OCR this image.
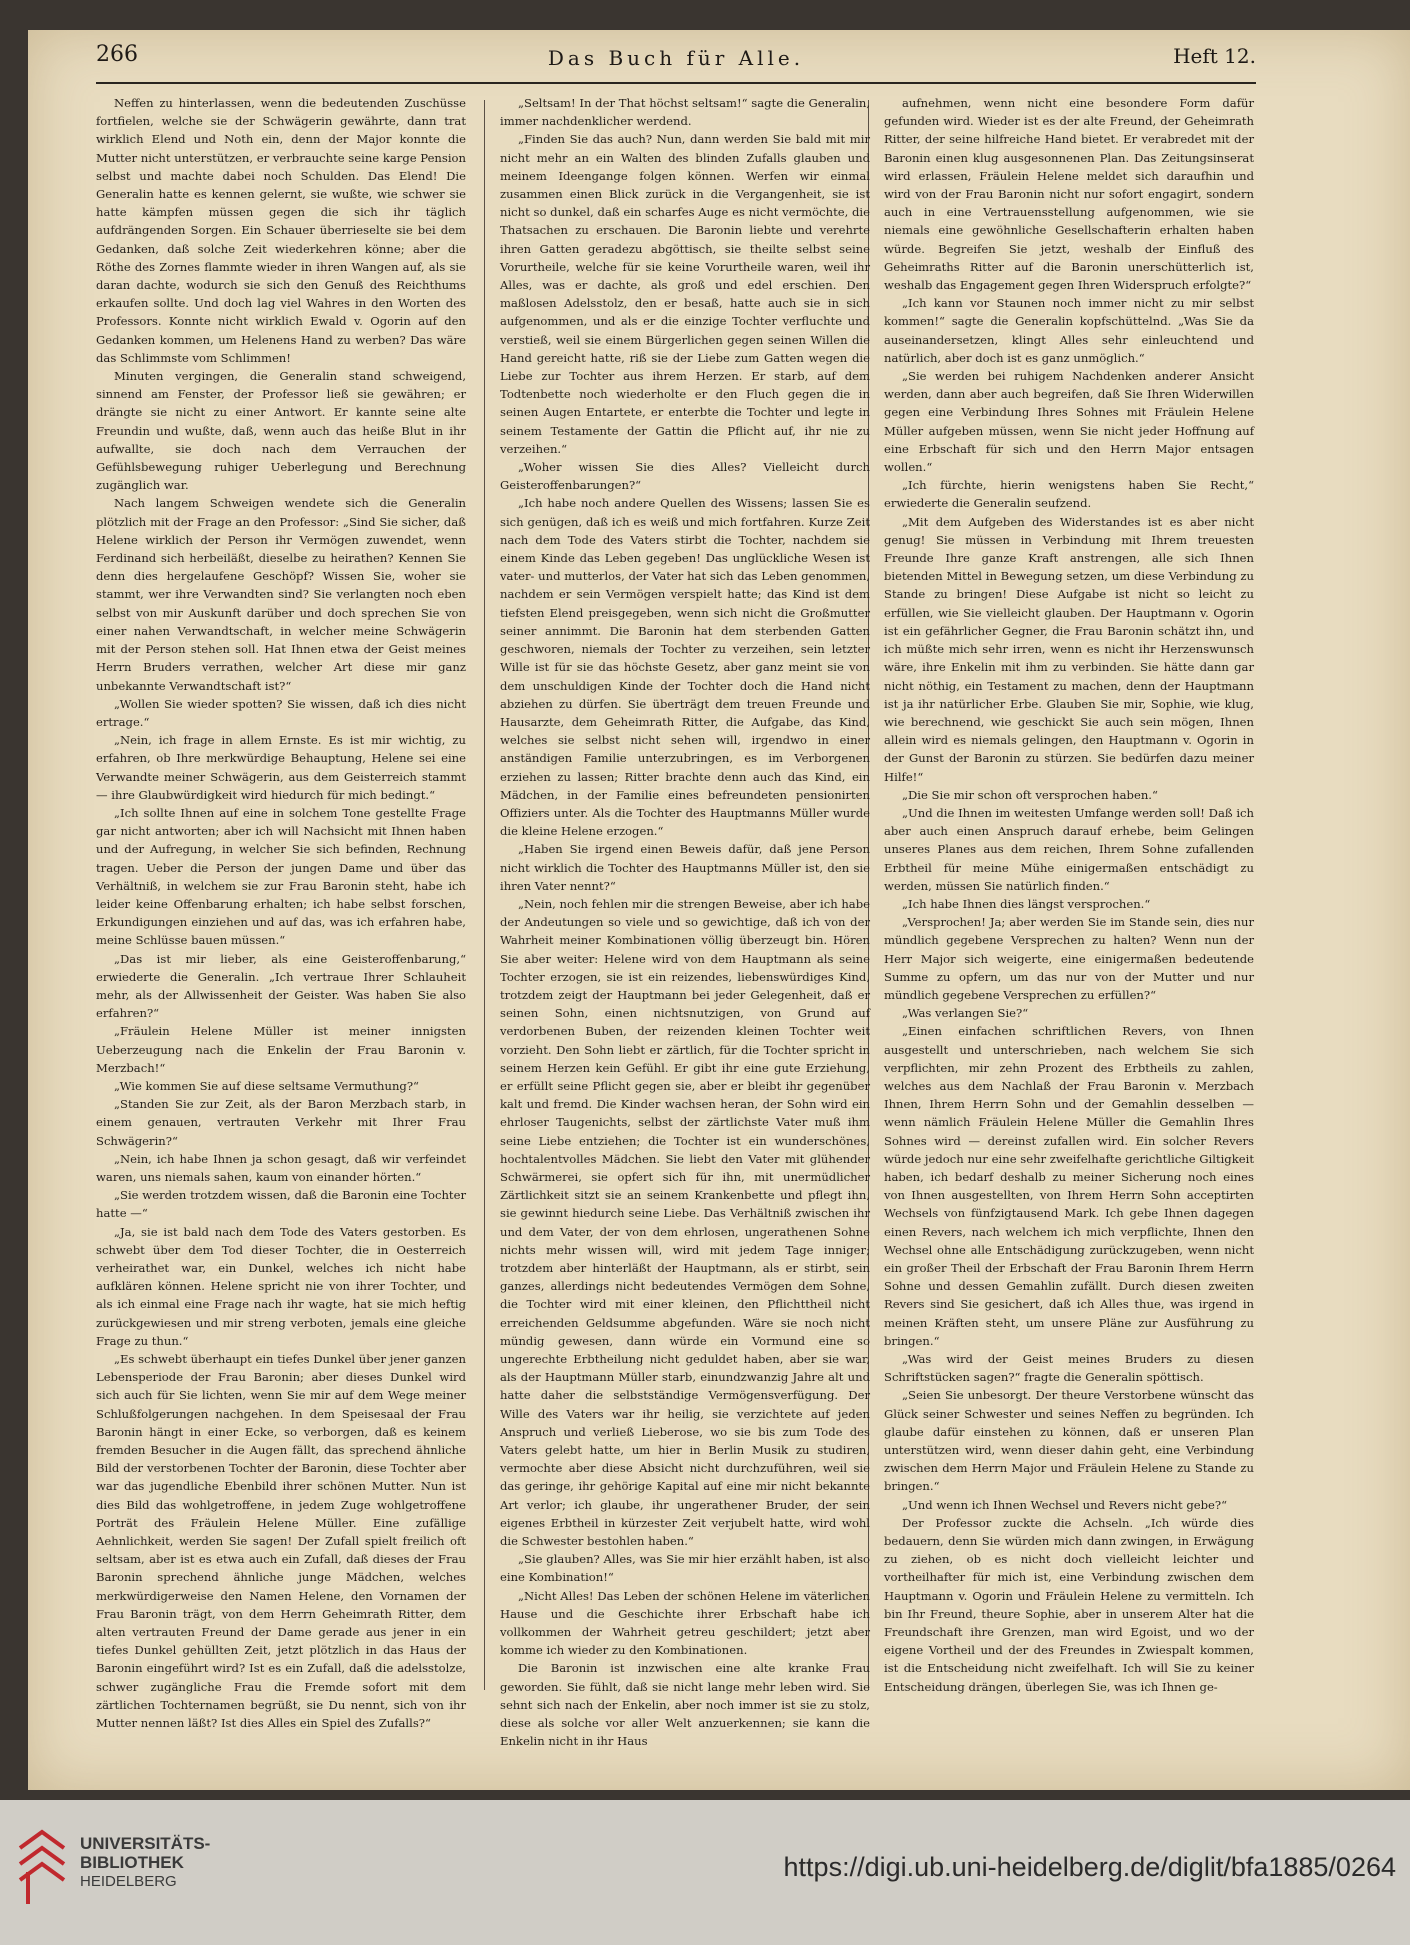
266	Das Buch für Alle.	Heft 12.

Neffen zu hinterlassen, wenn die bedeutenden Zuschüsse fortfielen, welche sie der Schwägerin gewährte, dann trat wirklich Elend und Noth ein, denn der Major konnte die Mutter nicht unterstützen, er verbrauchte seine karge Pension selbst und machte dabei noch Schulden. Das Elend! Die Generalin hatte es kennen gelernt, sie wußte, wie schwer sie hatte kämpfen müssen gegen die sich ihr täglich aufdrängenden Sorgen. Ein Schauer überrieselte sie bei dem Gedanken, daß solche Zeit wiederkehren könne; aber die Röthe des Zornes flammte wieder in ihren Wangen auf, als sie daran dachte, wodurch sie sich den Genuß des Reichthums erkaufen sollte. Und doch lag viel Wahres in den Worten des Professors. Konnte nicht wirklich Ewald v. Ogorin auf den Gedanken kommen, um Helenens Hand zu werben? Das wäre das Schlimmste vom Schlimmen!

Minuten vergingen, die Generalin stand schweigend, sinnend am Fenster, der Professor ließ sie gewähren; er drängte sie nicht zu einer Antwort. Er kannte seine alte Freundin und wußte, daß, wenn auch das heiße Blut in ihr aufwallte, sie doch nach dem Verrauchen der Gefühlsbewegung ruhiger Ueberlegung und Berechnung zugänglich war.

Nach langem Schweigen wendete sich die Generalin plötzlich mit der Frage an den Professor: „Sind Sie sicher, daß Helene wirklich der Person ihr Vermögen zuwendet, wenn Ferdinand sich herbeiläßt, dieselbe zu heirathen? Kennen Sie denn dies hergelaufene Geschöpf? Wissen Sie, woher sie stammt, wer ihre Verwandten sind? Sie verlangten noch eben selbst von mir Auskunft darüber und doch sprechen Sie von einer nahen Verwandtschaft, in welcher meine Schwägerin mit der Person stehen soll. Hat Ihnen etwa der Geist meines Herrn Bruders verrathen, welcher Art diese mir ganz unbekannte Verwandtschaft ist?“

„Wollen Sie wieder spotten? Sie wissen, daß ich dies nicht ertrage.“

„Nein, ich frage in allem Ernste. Es ist mir wichtig, zu erfahren, ob Ihre merkwürdige Behauptung, Helene sei eine Verwandte meiner Schwägerin, aus dem Geisterreich stammt — ihre Glaubwürdigkeit wird hiedurch für mich bedingt.“

„Ich sollte Ihnen auf eine in solchem Tone gestellte Frage gar nicht antworten; aber ich will Nachsicht mit Ihnen haben und der Aufregung, in welcher Sie sich befinden, Rechnung tragen. Ueber die Person der jungen Dame und über das Verhältniß, in welchem sie zur Frau Baronin steht, habe ich leider keine Offenbarung erhalten; ich habe selbst forschen, Erkundigungen einziehen und auf das, was ich erfahren habe, meine Schlüsse bauen müssen.“

„Das ist mir lieber, als eine Geisteroffenbarung,“ erwiederte die Generalin. „Ich vertraue Ihrer Schlauheit mehr, als der Allwissenheit der Geister. Was haben Sie also erfahren?“

„Fräulein Helene Müller ist meiner innigsten Ueberzeugung nach die Enkelin der Frau Baronin v. Merzbach!“

„Wie kommen Sie auf diese seltsame Vermuthung?“

„Standen Sie zur Zeit, als der Baron Merzbach starb, in einem genauen, vertrauten Verkehr mit Ihrer Frau Schwägerin?“

„Nein, ich habe Ihnen ja schon gesagt, daß wir verfeindet waren, uns niemals sahen, kaum von einander hörten.“

„Sie werden trotzdem wissen, daß die Baronin eine Tochter hatte —“

„Ja, sie ist bald nach dem Tode des Vaters gestorben. Es schwebt über dem Tod dieser Tochter, die in Oesterreich verheirathet war, ein Dunkel, welches ich nicht habe aufklären können. Helene spricht nie von ihrer Tochter, und als ich einmal eine Frage nach ihr wagte, hat sie mich heftig zurückgewiesen und mir streng verboten, jemals eine gleiche Frage zu thun.“

„Es schwebt überhaupt ein tiefes Dunkel über jener ganzen Lebensperiode der Frau Baronin; aber dieses Dunkel wird sich auch für Sie lichten, wenn Sie mir auf dem Wege meiner Schlußfolgerungen nachgehen. In dem Speisesaal der Frau Baronin hängt in einer Ecke, so verborgen, daß es keinem fremden Besucher in die Augen fällt, das sprechend ähnliche Bild der verstorbenen Tochter der Baronin, diese Tochter aber war das jugendliche Ebenbild ihrer schönen Mutter. Nun ist dies Bild das wohlgetroffene, in jedem Zuge wohlgetroffene Porträt des Fräulein Helene Müller. Eine zufällige Aehnlichkeit, werden Sie sagen! Der Zufall spielt freilich oft seltsam, aber ist es etwa auch ein Zufall, daß dieses der Frau Baronin sprechend ähnliche junge Mädchen, welches merkwürdigerweise den Namen Helene, den Vornamen der Frau Baronin trägt, von dem Herrn Geheimrath Ritter, dem alten vertrauten Freund der Dame gerade aus jener in ein tiefes Dunkel gehüllten Zeit, jetzt plötzlich in das Haus der Baronin eingeführt wird? Ist es ein Zufall, daß die adelsstolze, schwer zugängliche Frau die Fremde sofort mit dem zärtlichen Tochternamen begrüßt, sie Du nennt, sich von ihr Mutter nennen läßt? Ist dies Alles ein Spiel des Zufalls?“

„Seltsam! In der That höchst seltsam!“ sagte die Generalin, immer nachdenklicher werdend.

„Finden Sie das auch? Nun, dann werden Sie bald mit mir nicht mehr an ein Walten des blinden Zufalls glauben und meinem Ideengange folgen können. Werfen wir einmal zusammen einen Blick zurück in die Vergangenheit, sie ist nicht so dunkel, daß ein scharfes Auge es nicht vermöchte, die Thatsachen zu erschauen. Die Baronin liebte und verehrte ihren Gatten geradezu abgöttisch, sie theilte selbst seine Vorurtheile, welche für sie keine Vorurtheile waren, weil ihr Alles, was er dachte, als groß und edel erschien. Den maßlosen Adelsstolz, den er besaß, hatte auch sie in sich aufgenommen, und als er die einzige Tochter verfluchte und verstieß, weil sie einem Bürgerlichen gegen seinen Willen die Hand gereicht hatte, riß sie der Liebe zum Gatten wegen die Liebe zur Tochter aus ihrem Herzen. Er starb, auf dem Todtenbette noch wiederholte er den Fluch gegen die in seinen Augen Entartete, er enterbte die Tochter und legte in seinem Testamente der Gattin die Pflicht auf, ihr nie zu verzeihen.“

„Woher wissen Sie dies Alles? Vielleicht durch Geisteroffenbarungen?“

„Ich habe noch andere Quellen des Wissens; lassen Sie es sich genügen, daß ich es weiß und mich fortfahren. Kurze Zeit nach dem Tode des Vaters stirbt die Tochter, nachdem sie einem Kinde das Leben gegeben! Das unglückliche Wesen ist vater- und mutterlos, der Vater hat sich das Leben genommen, nachdem er sein Vermögen verspielt hatte; das Kind ist dem tiefsten Elend preisgegeben, wenn sich nicht die Großmutter seiner annimmt. Die Baronin hat dem sterbenden Gatten geschworen, niemals der Tochter zu verzeihen, sein letzter Wille ist für sie das höchste Gesetz, aber ganz meint sie von dem unschuldigen Kinde der Tochter doch die Hand nicht abziehen zu dürfen. Sie überträgt dem treuen Freunde und Hausarzte, dem Geheimrath Ritter, die Aufgabe, das Kind, welches sie selbst nicht sehen will, irgendwo in einer anständigen Familie unterzubringen, es im Verborgenen erziehen zu lassen; Ritter brachte denn auch das Kind, ein Mädchen, in der Familie eines befreundeten pensionirten Offiziers unter. Als die Tochter des Hauptmanns Müller wurde die kleine Helene erzogen.“

„Haben Sie irgend einen Beweis dafür, daß jene Person nicht wirklich die Tochter des Hauptmanns Müller ist, den sie ihren Vater nennt?“

„Nein, noch fehlen mir die strengen Beweise, aber ich habe der Andeutungen so viele und so gewichtige, daß ich von der Wahrheit meiner Kombinationen völlig überzeugt bin. Hören Sie aber weiter: Helene wird von dem Hauptmann als seine Tochter erzogen, sie ist ein reizendes, liebenswürdiges Kind, trotzdem zeigt der Hauptmann bei jeder Gelegenheit, daß er seinen Sohn, einen nichtsnutzigen, von Grund auf verdorbenen Buben, der reizenden kleinen Tochter weit vorzieht. Den Sohn liebt er zärtlich, für die Tochter spricht in seinem Herzen kein Gefühl. Er gibt ihr eine gute Erziehung, er erfüllt seine Pflicht gegen sie, aber er bleibt ihr gegenüber kalt und fremd. Die Kinder wachsen heran, der Sohn wird ein ehrloser Taugenichts, selbst der zärtlichste Vater muß ihm seine Liebe entziehen; die Tochter ist ein wunderschönes, hochtalentvolles Mädchen. Sie liebt den Vater mit glühender Schwärmerei, sie opfert sich für ihn, mit unermüdlicher Zärtlichkeit sitzt sie an seinem Krankenbette und pflegt ihn, sie gewinnt hiedurch seine Liebe. Das Verhältniß zwischen ihr und dem Vater, der von dem ehrlosen, ungerathenen Sohne nichts mehr wissen will, wird mit jedem Tage inniger; trotzdem aber hinterläßt der Hauptmann, als er stirbt, sein ganzes, allerdings nicht bedeutendes Vermögen dem Sohne, die Tochter wird mit einer kleinen, den Pflichttheil nicht erreichenden Geldsumme abgefunden. Wäre sie noch nicht mündig gewesen, dann würde ein Vormund eine so ungerechte Erbtheilung nicht geduldet haben, aber sie war, als der Hauptmann Müller starb, einundzwanzig Jahre alt und hatte daher die selbstständige Vermögensverfügung. Der Wille des Vaters war ihr heilig, sie verzichtete auf jeden Anspruch und verließ Lieberose, wo sie bis zum Tode des Vaters gelebt hatte, um hier in Berlin Musik zu studiren, vermochte aber diese Absicht nicht durchzuführen, weil sie das geringe, ihr gehörige Kapital auf eine mir nicht bekannte Art verlor; ich glaube, ihr ungerathener Bruder, der sein eigenes Erbtheil in kürzester Zeit verjubelt hatte, wird wohl die Schwester bestohlen haben.“

„Sie glauben? Alles, was Sie mir hier erzählt haben, ist also eine Kombination!“

„Nicht Alles! Das Leben der schönen Helene im väterlichen Hause und die Geschichte ihrer Erbschaft habe ich vollkommen der Wahrheit getreu geschildert; jetzt aber komme ich wieder zu den Kombinationen.

Die Baronin ist inzwischen eine alte kranke Frau geworden. Sie fühlt, daß sie nicht lange mehr leben wird. Sie sehnt sich nach der Enkelin, aber noch immer ist sie zu stolz, diese als solche vor aller Welt anzuerkennen; sie kann die Enkelin nicht in ihr Haus

aufnehmen, wenn nicht eine besondere Form dafür gefunden wird. Wieder ist es der alte Freund, der Geheimrath Ritter, der seine hilfreiche Hand bietet. Er verabredet mit der Baronin einen klug ausgesonnenen Plan. Das Zeitungsinserat wird erlassen, Fräulein Helene meldet sich daraufhin und wird von der Frau Baronin nicht nur sofort engagirt, sondern auch in eine Vertrauensstellung aufgenommen, wie sie niemals eine gewöhnliche Gesellschafterin erhalten haben würde. Begreifen Sie jetzt, weshalb der Einfluß des Geheimraths Ritter auf die Baronin unerschütterlich ist, weshalb das Engagement gegen Ihren Widerspruch erfolgte?“

„Ich kann vor Staunen noch immer nicht zu mir selbst kommen!“ sagte die Generalin kopfschüttelnd. „Was Sie da auseinandersetzen, klingt Alles sehr einleuchtend und natürlich, aber doch ist es ganz unmöglich.“

„Sie werden bei ruhigem Nachdenken anderer Ansicht werden, dann aber auch begreifen, daß Sie Ihren Widerwillen gegen eine Verbindung Ihres Sohnes mit Fräulein Helene Müller aufgeben müssen, wenn Sie nicht jeder Hoffnung auf eine Erbschaft für sich und den Herrn Major entsagen wollen.“

„Ich fürchte, hierin wenigstens haben Sie Recht,“ erwiederte die Generalin seufzend.

„Mit dem Aufgeben des Widerstandes ist es aber nicht genug! Sie müssen in Verbindung mit Ihrem treuesten Freunde Ihre ganze Kraft anstrengen, alle sich Ihnen bietenden Mittel in Bewegung setzen, um diese Verbindung zu Stande zu bringen! Diese Aufgabe ist nicht so leicht zu erfüllen, wie Sie vielleicht glauben. Der Hauptmann v. Ogorin ist ein gefährlicher Gegner, die Frau Baronin schätzt ihn, und ich müßte mich sehr irren, wenn es nicht ihr Herzenswunsch wäre, ihre Enkelin mit ihm zu verbinden. Sie hätte dann gar nicht nöthig, ein Testament zu machen, denn der Hauptmann ist ja ihr natürlicher Erbe. Glauben Sie mir, Sophie, wie klug, wie berechnend, wie geschickt Sie auch sein mögen, Ihnen allein wird es niemals gelingen, den Hauptmann v. Ogorin in der Gunst der Baronin zu stürzen. Sie bedürfen dazu meiner Hilfe!“

„Die Sie mir schon oft versprochen haben.“

„Und die Ihnen im weitesten Umfange werden soll! Daß ich aber auch einen Anspruch darauf erhebe, beim Gelingen unseres Planes aus dem reichen, Ihrem Sohne zufallenden Erbtheil für meine Mühe einigermaßen entschädigt zu werden, müssen Sie natürlich finden.“

„Ich habe Ihnen dies längst versprochen.“

„Versprochen! Ja; aber werden Sie im Stande sein, dies nur mündlich gegebene Versprechen zu halten? Wenn nun der Herr Major sich weigerte, eine einigermaßen bedeutende Summe zu opfern, um das nur von der Mutter und nur mündlich gegebene Versprechen zu erfüllen?“

„Was verlangen Sie?“

„Einen einfachen schriftlichen Revers, von Ihnen ausgestellt und unterschrieben, nach welchem Sie sich verpflichten, mir zehn Prozent des Erbtheils zu zahlen, welches aus dem Nachlaß der Frau Baronin v. Merzbach Ihnen, Ihrem Herrn Sohn und der Gemahlin desselben — wenn nämlich Fräulein Helene Müller die Gemahlin Ihres Sohnes wird — dereinst zufallen wird. Ein solcher Revers würde jedoch nur eine sehr zweifelhafte gerichtliche Giltigkeit haben, ich bedarf deshalb zu meiner Sicherung noch eines von Ihnen ausgestellten, von Ihrem Herrn Sohn acceptirten Wechsels von fünfzigtausend Mark. Ich gebe Ihnen dagegen einen Revers, nach welchem ich mich verpflichte, Ihnen den Wechsel ohne alle Entschädigung zurückzugeben, wenn nicht ein großer Theil der Erbschaft der Frau Baronin Ihrem Herrn Sohne und dessen Gemahlin zufällt. Durch diesen zweiten Revers sind Sie gesichert, daß ich Alles thue, was irgend in meinen Kräften steht, um unsere Pläne zur Ausführung zu bringen.“

„Was wird der Geist meines Bruders zu diesen Schriftstücken sagen?“ fragte die Generalin spöttisch.

„Seien Sie unbesorgt. Der theure Verstorbene wünscht das Glück seiner Schwester und seines Neffen zu begründen. Ich glaube dafür einstehen zu können, daß er unseren Plan unterstützen wird, wenn dieser dahin geht, eine Verbindung zwischen dem Herrn Major und Fräulein Helene zu Stande zu bringen.“

„Und wenn ich Ihnen Wechsel und Revers nicht gebe?“

Der Professor zuckte die Achseln. „Ich würde dies bedauern, denn Sie würden mich dann zwingen, in Erwägung zu ziehen, ob es nicht doch vielleicht leichter und vortheilhafter für mich ist, eine Verbindung zwischen dem Hauptmann v. Ogorin und Fräulein Helene zu vermitteln. Ich bin Ihr Freund, theure Sophie, aber in unserem Alter hat die Freundschaft ihre Grenzen, man wird Egoist, und wo der eigene Vortheil und der des Freundes in Zwiespalt kommen, ist die Entscheidung nicht zweifelhaft. Ich will Sie zu keiner Entscheidung drängen, überlegen Sie, was ich Ihnen ge-

UNIVERSITÄTS-
BIBLIOTHEK
HEIDELBERG	https://digi.ub.uni-heidelberg.de/diglit/bfa1885/0264
